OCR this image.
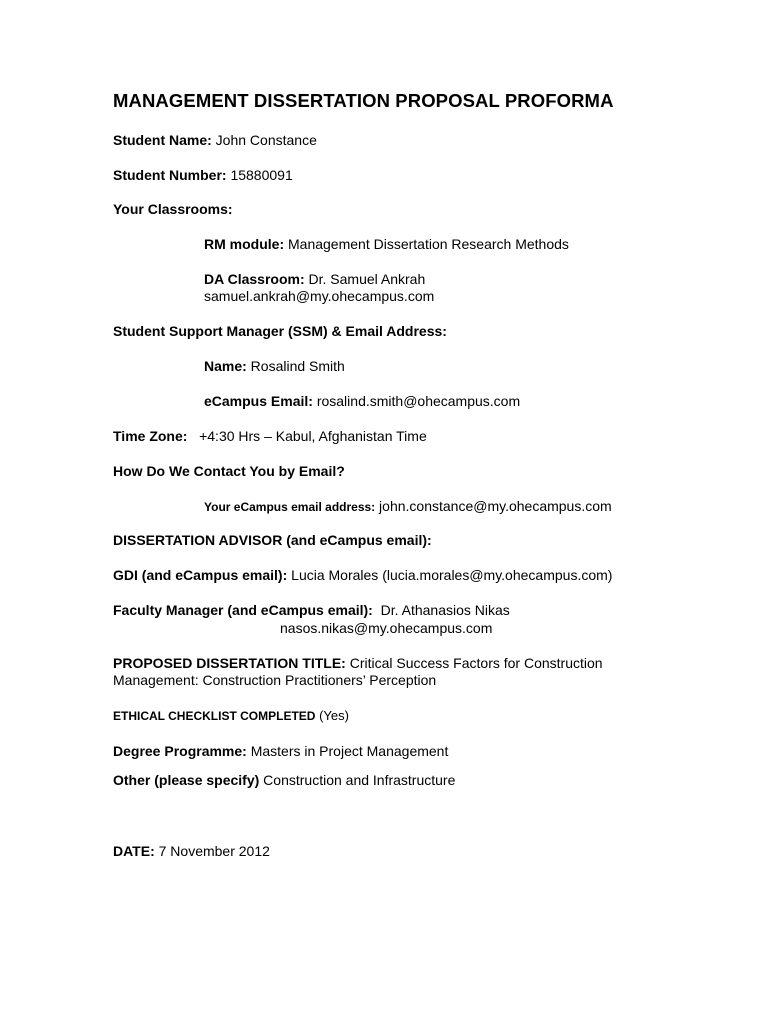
MANAGEMENT DISSERTATION PROPOSAL PROFORMA
Student Name: John Constance
Student Number: 15880091
Your Classrooms:
RM module: Management Dissertation Research Methods
DA Classroom: Dr. Samuel Ankrah
samuel.ankrah@my.ohecampus.com
Student Support Manager (SSM) & Email Address:
Name: Rosalind Smith
eCampus Email: rosalind.smith@ohecampus.com
Time Zone:   +4:30 Hrs – Kabul, Afghanistan Time
How Do We Contact You by Email?
Your eCampus email address: john.constance@my.ohecampus.com
DISSERTATION ADVISOR (and eCampus email):
GDI (and eCampus email): Lucia Morales (lucia.morales@my.ohecampus.com)
Faculty Manager (and eCampus email):  Dr. Athanasios Nikas
nasos.nikas@my.ohecampus.com
PROPOSED DISSERTATION TITLE: Critical Success Factors for Construction
Management: Construction Practitioners’ Perception
ETHICAL CHECKLIST COMPLETED (Yes)
Degree Programme: Masters in Project Management
Other (please specify) Construction and Infrastructure
DATE: 7 November 2012
